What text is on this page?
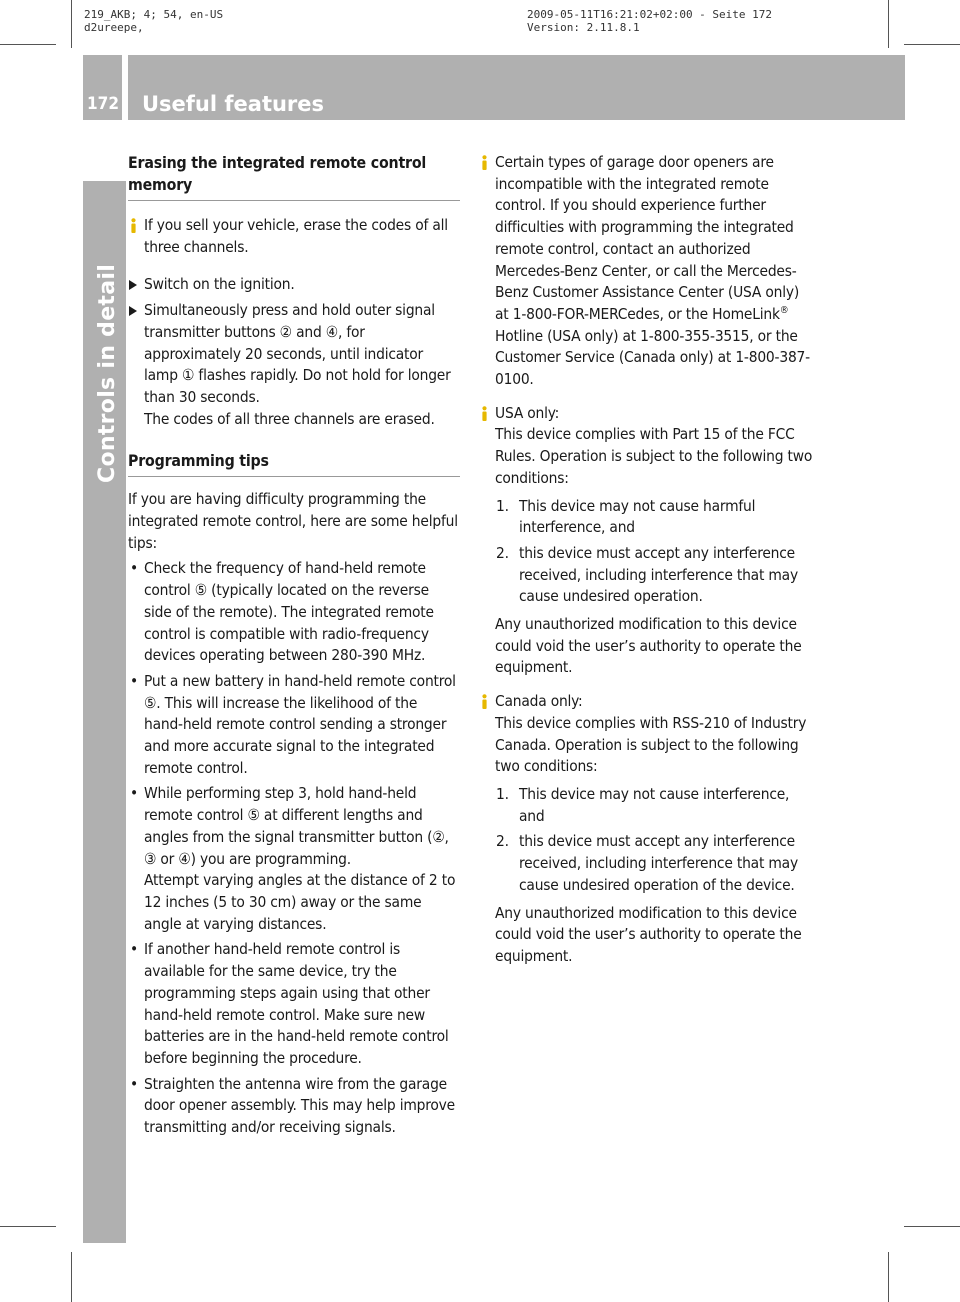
219_AKB; 4; 54, en-US
d2ureepe,
2009-05-11T16:21:02+02:00 - Seite 172
Version: 2.11.8.1
172 Useful features
Controls in detail
Erasing the integrated remote control memory

If you sell your vehicle, erase the codes of all three channels.

Switch on the ignition.

Simultaneously press and hold outer signal transmitter buttons ② and ④, for approximately 20 seconds, until indicator lamp ① flashes rapidly. Do not hold for longer than 30 seconds.

The codes of all three channels are erased.

Programming tips

If you are having difficulty programming the integrated remote control, here are some helpful tips:

• Check the frequency of hand-held remote control ⑤ (typically located on the reverse side of the remote). The integrated remote control is compatible with radio-frequency devices operating between 280-390 MHz.

• Put a new battery in hand-held remote control ⑤. This will increase the likelihood of the hand-held remote control sending a stronger and more accurate signal to the integrated remote control.

• While performing step 3, hold hand-held remote control ⑤ at different lengths and angles from the signal transmitter button (②, ③ or ④) you are programming.

Attempt varying angles at the distance of 2 to 12 inches (5 to 30 cm) away or the same angle at varying distances.

• If another hand-held remote control is available for the same device, try the programming steps again using that other hand-held remote control. Make sure new batteries are in the hand-held remote control before beginning the procedure.

• Straighten the antenna wire from the garage door opener assembly. This may help improve transmitting and/or receiving signals.

Certain types of garage door openers are incompatible with the integrated remote control. If you should experience further difficulties with programming the integrated remote control, contact an authorized Mercedes-Benz Center, or call the Mercedes-Benz Customer Assistance Center (USA only) at 1-800-FOR-MERCedes, or the HomeLink® Hotline (USA only) at 1-800-355-3515, or the Customer Service (Canada only) at 1-800-387-0100.

USA only:

This device complies with Part 15 of the FCC Rules. Operation is subject to the following two conditions:

1. This device may not cause harmful interference, and

2. this device must accept any interference received, including interference that may cause undesired operation.

Any unauthorized modification to this device could void the user’s authority to operate the equipment.

Canada only:

This device complies with RSS-210 of Industry Canada. Operation is subject to the following two conditions:

1. This device may not cause interference, and

2. this device must accept any interference received, including interference that may cause undesired operation of the device.

Any unauthorized modification to this device could void the user’s authority to operate the equipment.
